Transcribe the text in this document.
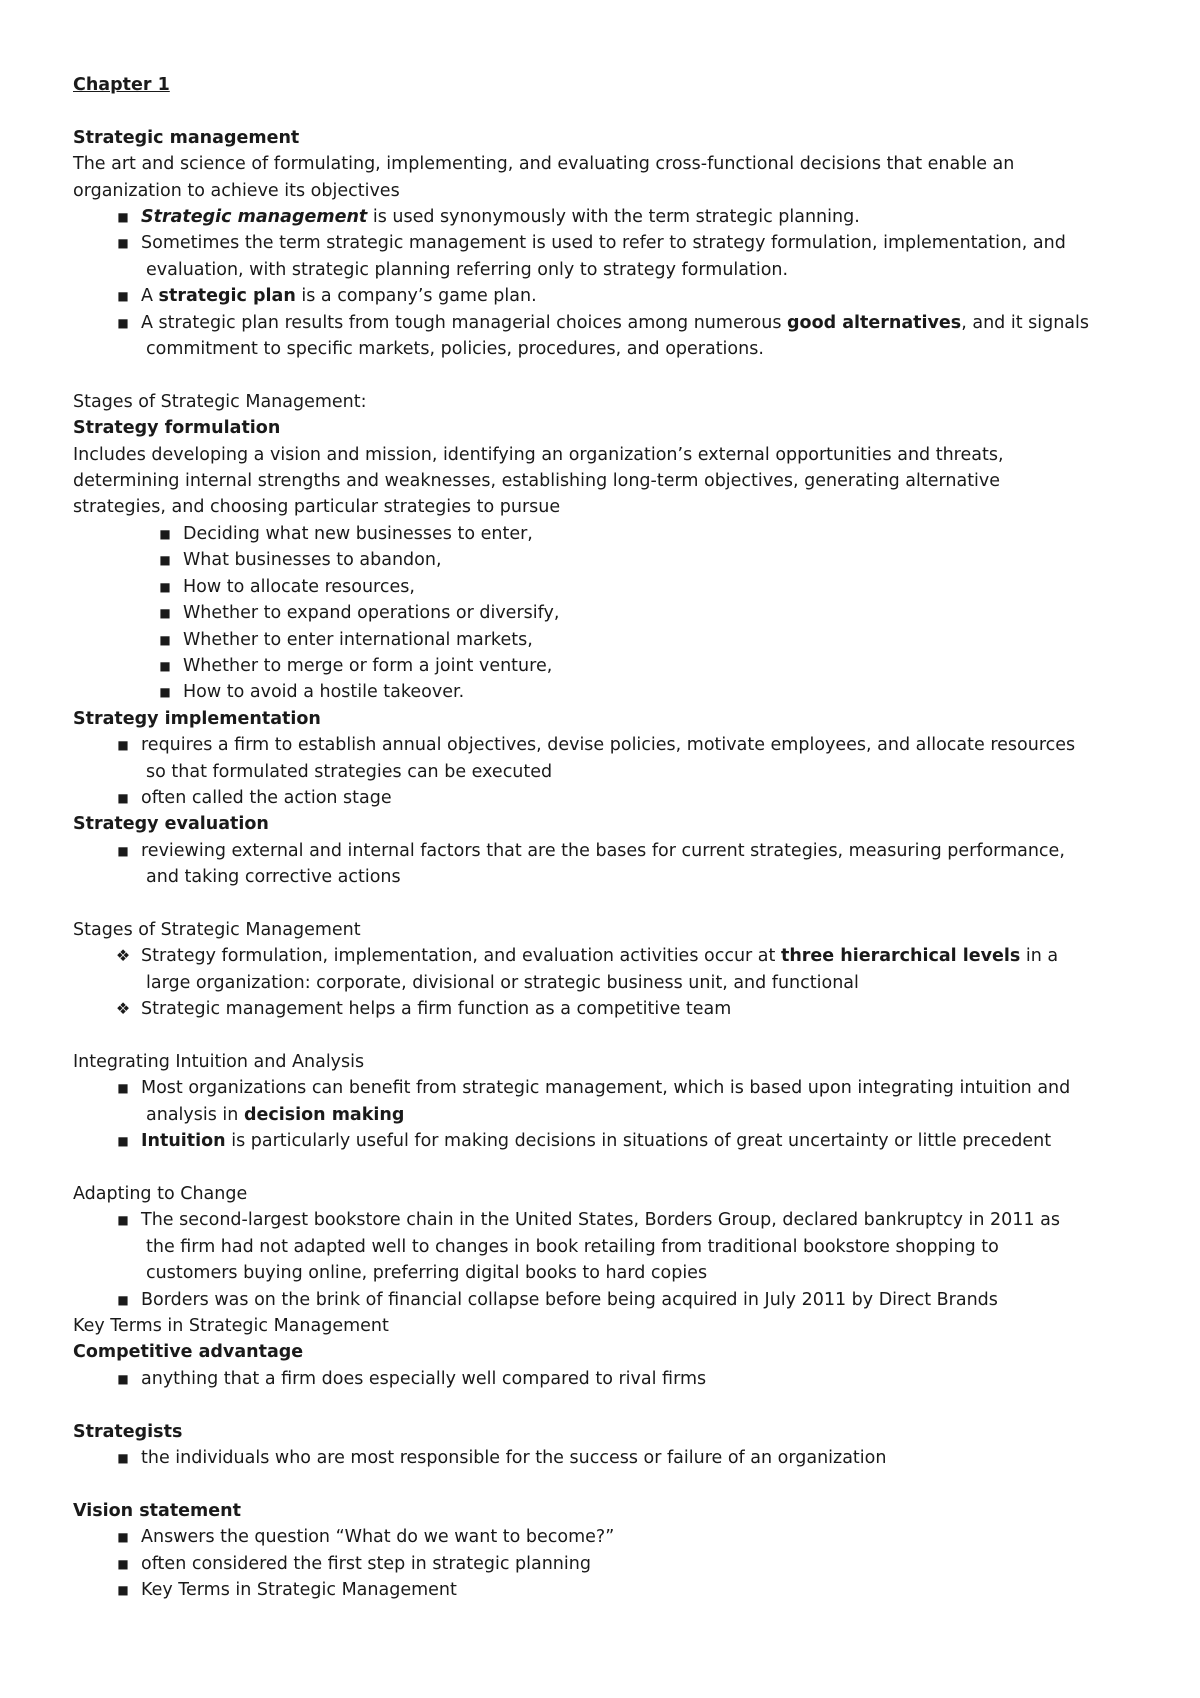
Chapter 1
Strategic management
The art and science of formulating, implementing, and evaluating cross-functional decisions that enable an
organization to achieve its objectives
■ Strategic management is used synonymously with the term strategic planning.
■ Sometimes the term strategic management is used to refer to strategy formulation, implementation, and
evaluation, with strategic planning referring only to strategy formulation.
■ A strategic plan is a company’s game plan.
■ A strategic plan results from tough managerial choices among numerous good alternatives, and it signals
commitment to specific markets, policies, procedures, and operations.
Stages of Strategic Management:
Strategy formulation
Includes developing a vision and mission, identifying an organization’s external opportunities and threats,
determining internal strengths and weaknesses, establishing long-term objectives, generating alternative
strategies, and choosing particular strategies to pursue
■ Deciding what new businesses to enter,
■ What businesses to abandon,
■ How to allocate resources,
■ Whether to expand operations or diversify,
■ Whether to enter international markets,
■ Whether to merge or form a joint venture,
■ How to avoid a hostile takeover.
Strategy implementation
■ requires a firm to establish annual objectives, devise policies, motivate employees, and allocate resources
so that formulated strategies can be executed
■ often called the action stage
Strategy evaluation
■ reviewing external and internal factors that are the bases for current strategies, measuring performance,
and taking corrective actions
Stages of Strategic Management
❖ Strategy formulation, implementation, and evaluation activities occur at three hierarchical levels in a
large organization: corporate, divisional or strategic business unit, and functional
❖ Strategic management helps a firm function as a competitive team
Integrating Intuition and Analysis
■ Most organizations can benefit from strategic management, which is based upon integrating intuition and
analysis in decision making
■ Intuition is particularly useful for making decisions in situations of great uncertainty or little precedent
Adapting to Change
■ The second-largest bookstore chain in the United States, Borders Group, declared bankruptcy in 2011 as
the firm had not adapted well to changes in book retailing from traditional bookstore shopping to
customers buying online, preferring digital books to hard copies
■ Borders was on the brink of financial collapse before being acquired in July 2011 by Direct Brands
Key Terms in Strategic Management
Competitive advantage
■ anything that a firm does especially well compared to rival firms
Strategists
■ the individuals who are most responsible for the success or failure of an organization
Vision statement
■ Answers the question “What do we want to become?”
■ often considered the first step in strategic planning
■ Key Terms in Strategic Management
